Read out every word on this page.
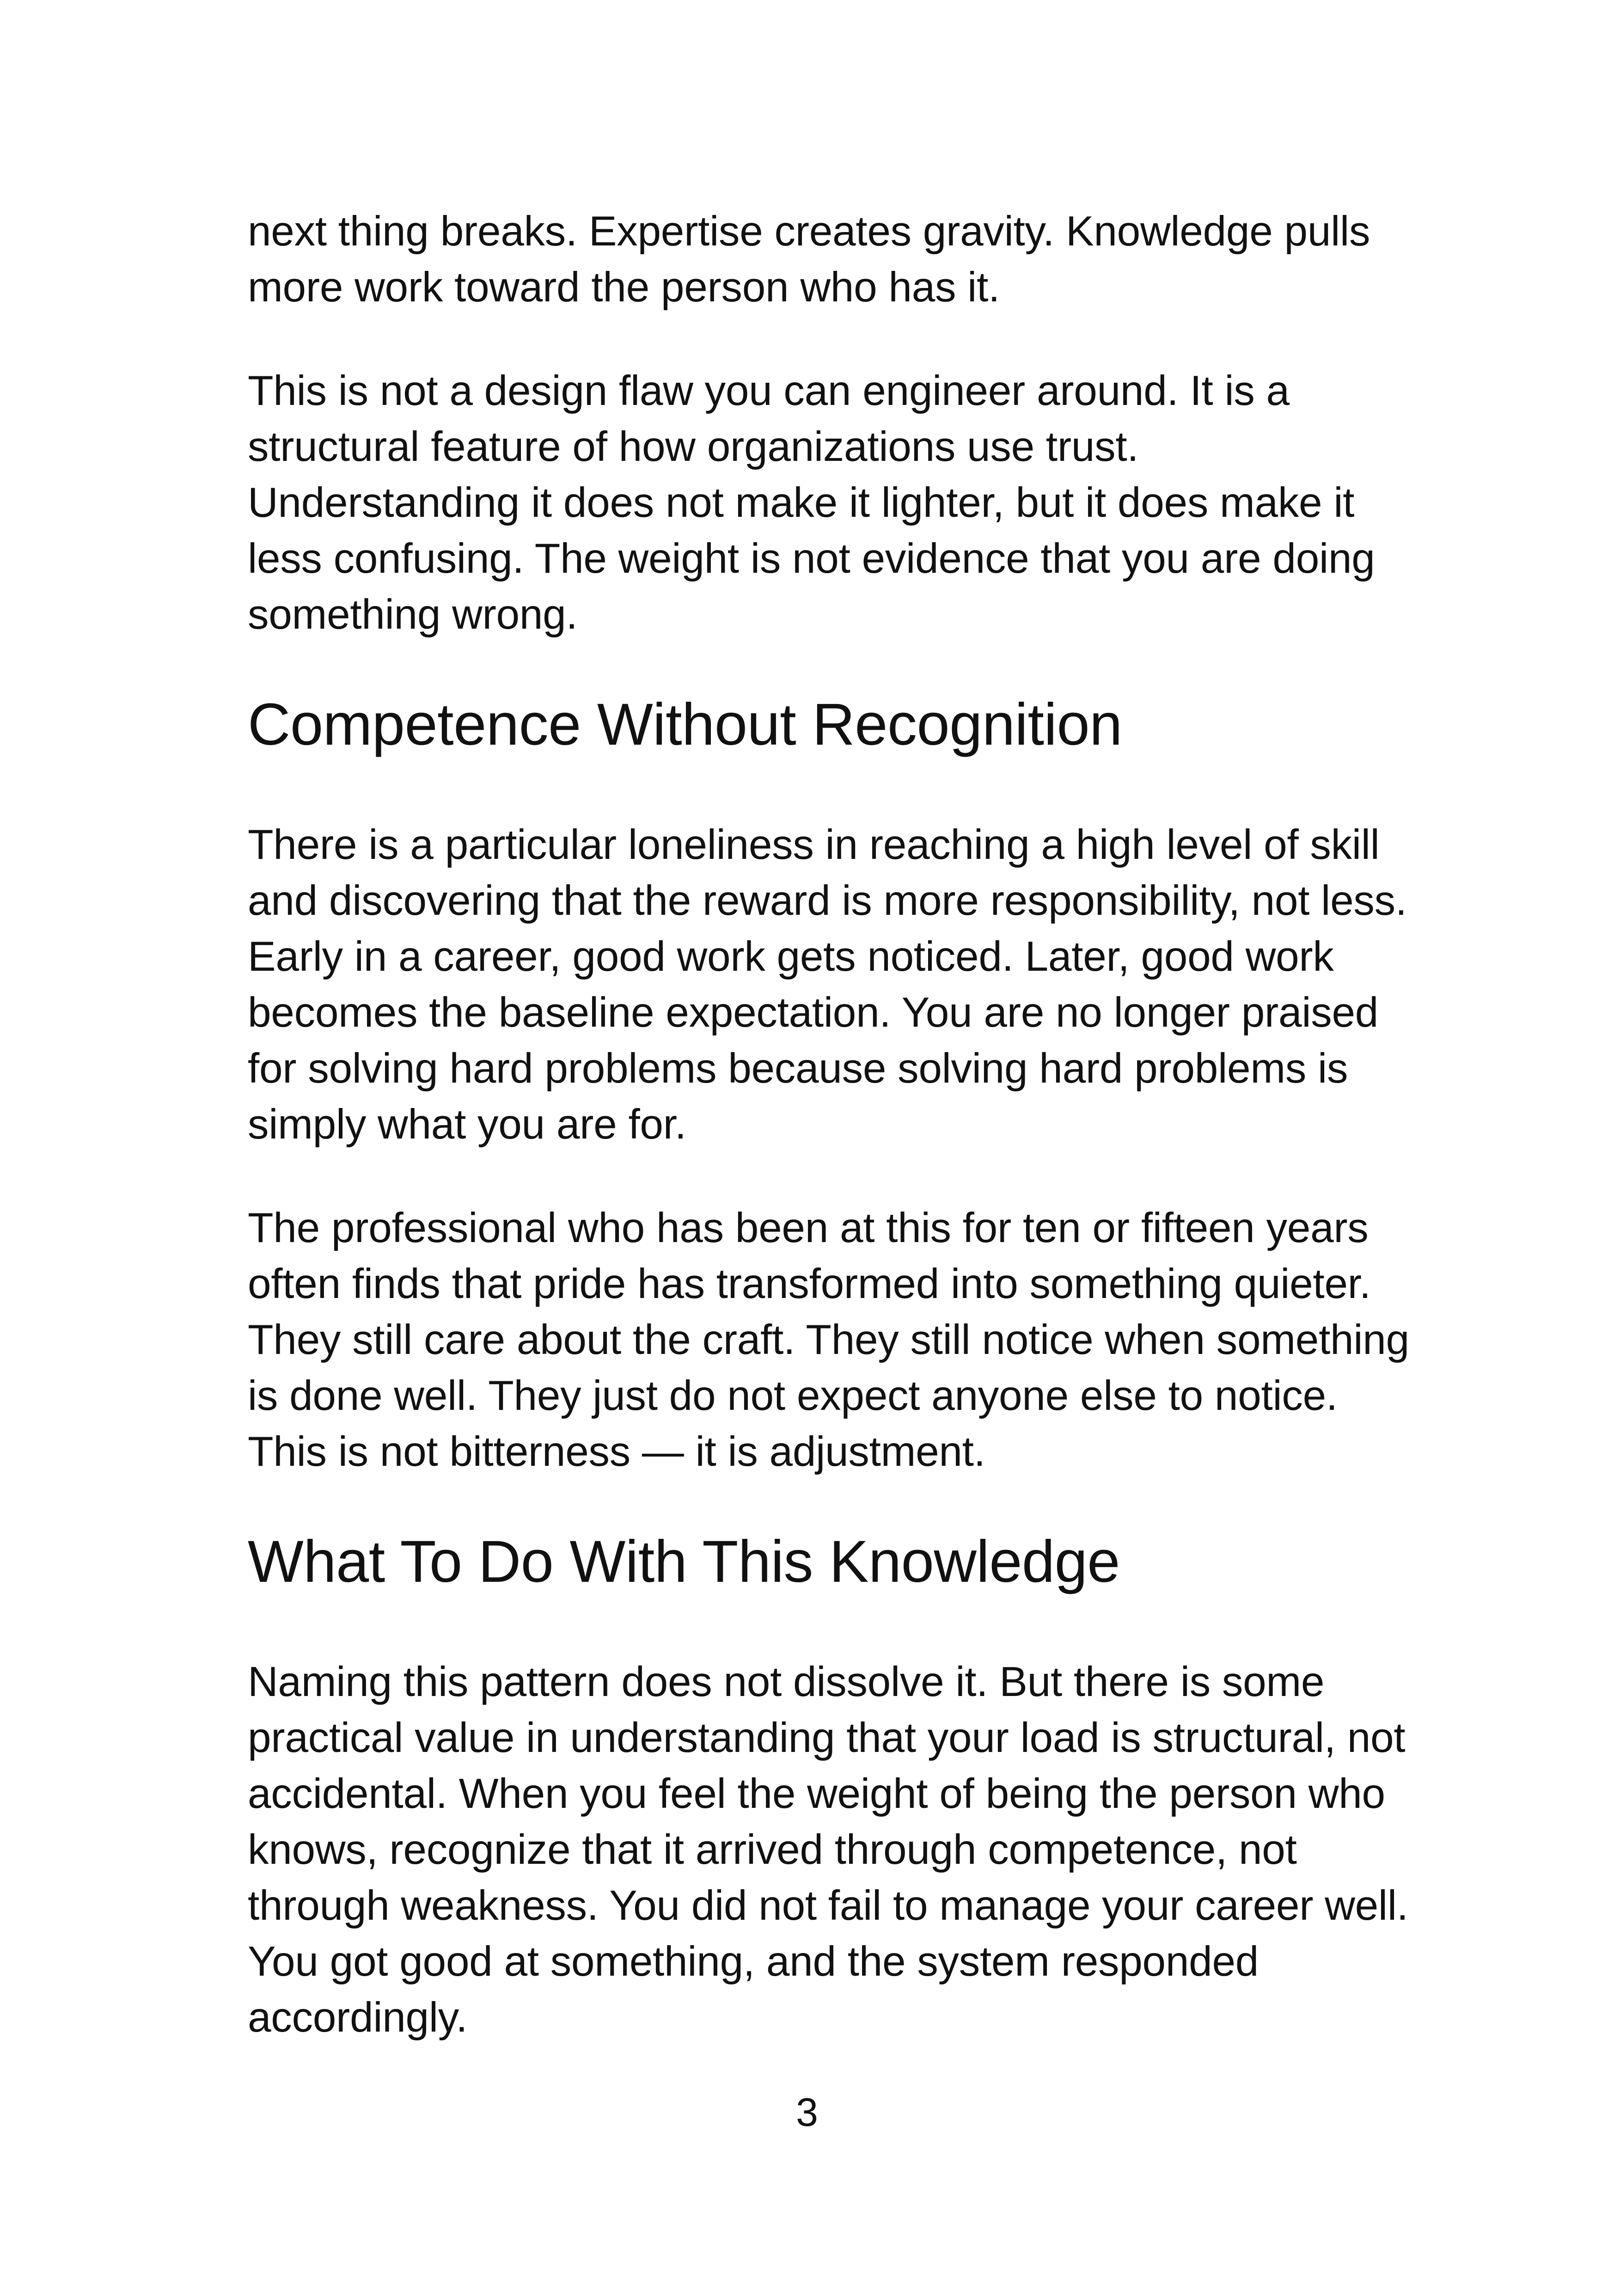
next thing breaks. Expertise creates gravity. Knowledge pulls more work toward the person who has it.

This is not a design flaw you can engineer around. It is a structural feature of how organizations use trust. Understanding it does not make it lighter, but it does make it less confusing. The weight is not evidence that you are doing something wrong.

Competence Without Recognition

There is a particular loneliness in reaching a high level of skill and discovering that the reward is more responsibility, not less. Early in a career, good work gets noticed. Later, good work becomes the baseline expectation. You are no longer praised for solving hard problems because solving hard problems is simply what you are for.

The professional who has been at this for ten or fifteen years often finds that pride has transformed into something quieter. They still care about the craft. They still notice when something is done well. They just do not expect anyone else to notice. This is not bitterness — it is adjustment.

What To Do With This Knowledge

Naming this pattern does not dissolve it. But there is some practical value in understanding that your load is structural, not accidental. When you feel the weight of being the person who knows, recognize that it arrived through competence, not through weakness. You did not fail to manage your career well. You got good at something, and the system responded accordingly.

3
